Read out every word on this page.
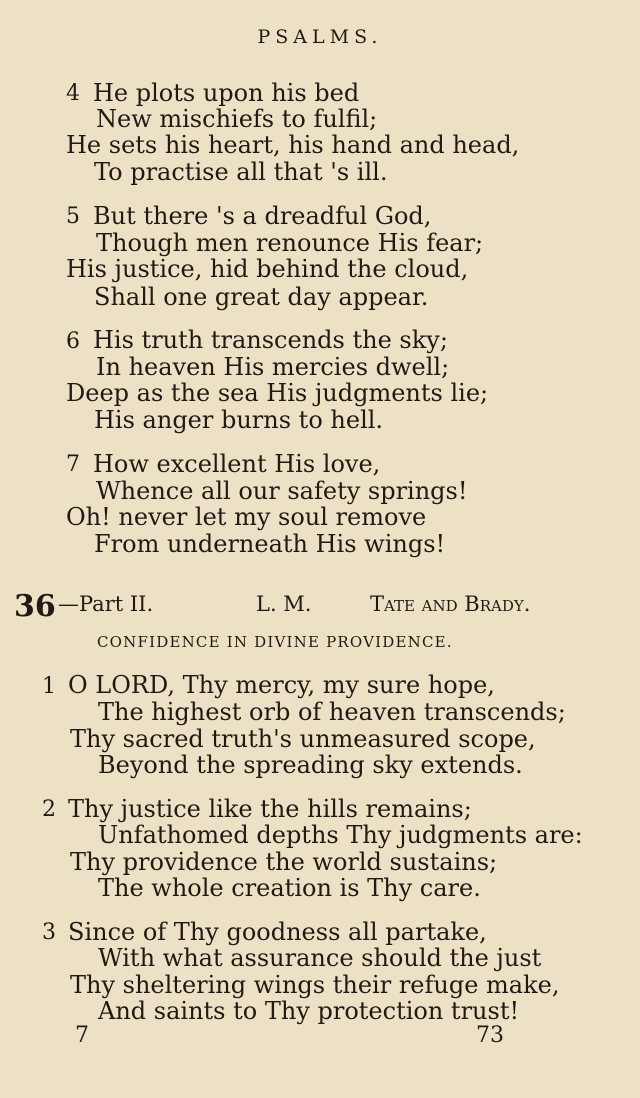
PSALMS.
4 He plots upon his bed
New mischiefs to fulfil;
He sets his heart, his hand and head,
To practise all that 's ill.
5 But there 's a dreadful God,
Though men renounce His fear;
His justice, hid behind the cloud,
Shall one great day appear.
6 His truth transcends the sky;
In heaven His mercies dwell;
Deep as the sea His judgments lie;
His anger burns to hell.
7 How excellent His love,
Whence all our safety springs!
Oh! never let my soul remove
From underneath His wings!
36 —Part II.	L. M.	Tate and Brady.
CONFIDENCE IN DIVINE PROVIDENCE.
1 O LORD, Thy mercy, my sure hope,
The highest orb of heaven transcends;
Thy sacred truth's unmeasured scope,
Beyond the spreading sky extends.
2 Thy justice like the hills remains;
Unfathomed depths Thy judgments are:
Thy providence the world sustains;
The whole creation is Thy care.
3 Since of Thy goodness all partake,
With what assurance should the just
Thy sheltering wings their refuge make,
And saints to Thy protection trust!
7	73
